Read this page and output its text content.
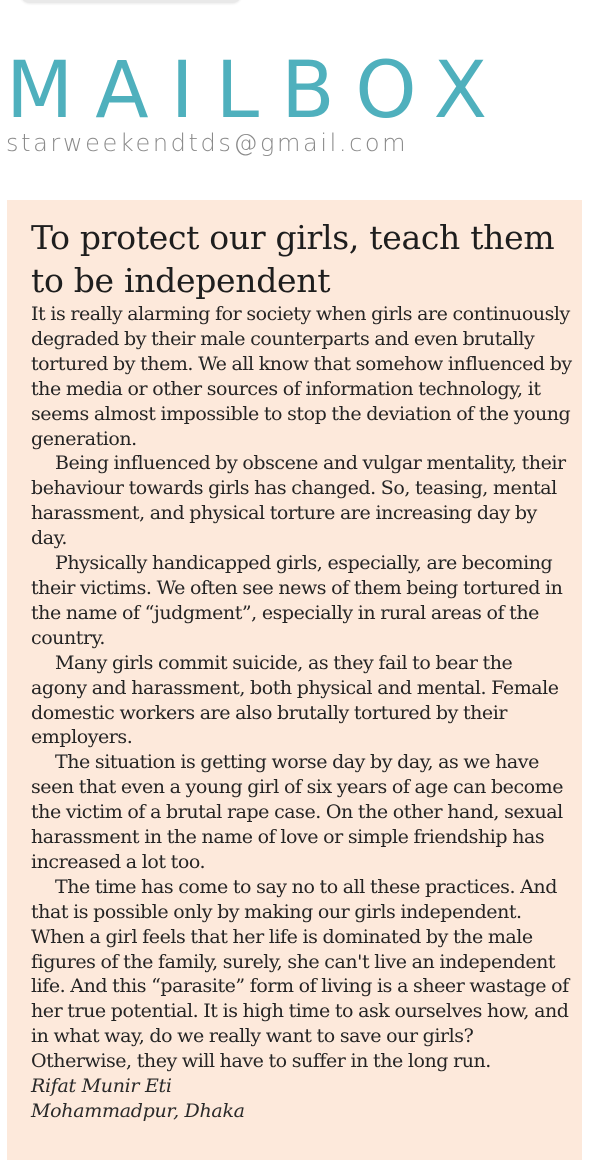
MAILBOX
starweekendtds@gmail.com
To protect our girls, teach them to be independent

It is really alarming for society when girls are continuously degraded by their male counterparts and even brutally tortured by them. We all know that somehow influenced by the media or other sources of information technology, it seems almost impossible to stop the deviation of the young generation.

Being influenced by obscene and vulgar mentality, their behaviour towards girls has changed. So, teasing, mental harassment, and physical torture are increasing day by day.

Physically handicapped girls, especially, are becoming their victims. We often see news of them being tortured in the name of “judgment”, especially in rural areas of the country.

Many girls commit suicide, as they fail to bear the agony and harassment, both physical and mental. Female domestic workers are also brutally tortured by their employers.

The situation is getting worse day by day, as we have seen that even a young girl of six years of age can become the victim of a brutal rape case. On the other hand, sexual harassment in the name of love or simple friendship has increased a lot too.

The time has come to say no to all these practices. And that is possible only by making our girls independent. When a girl feels that her life is dominated by the male figures of the family, surely, she can't live an independent life. And this “parasite” form of living is a sheer wastage of her true potential. It is high time to ask ourselves how, and in what way, do we really want to save our girls? Otherwise, they will have to suffer in the long run.

Rifat Munir Eti
Mohammadpur, Dhaka
